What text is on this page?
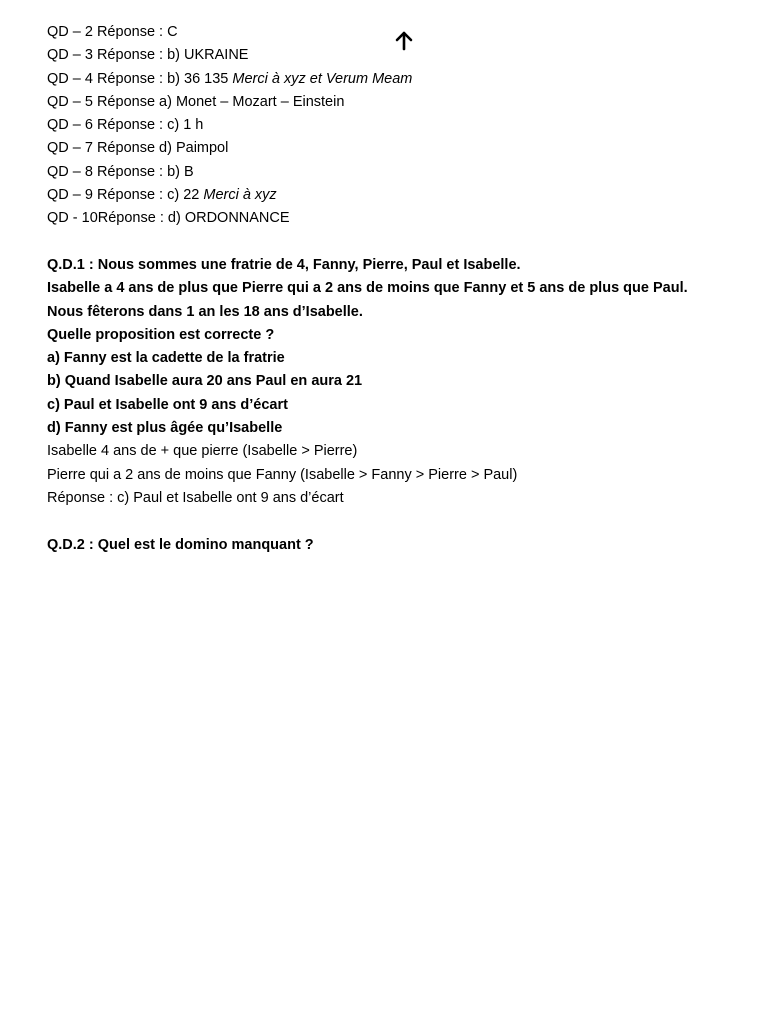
QD – 2 Réponse : C
QD – 3 Réponse : b) UKRAINE
QD – 4 Réponse : b) 36 135 Merci à xyz et Verum Meam
QD – 5 Réponse a) Monet – Mozart – Einstein
QD – 6 Réponse : c) 1 h
QD – 7 Réponse d) Paimpol
QD – 8 Réponse : b) B
QD – 9 Réponse : c) 22 Merci à xyz
QD - 10Réponse : d) ORDONNANCE
Q.D.1 : Nous sommes une fratrie de 4, Fanny, Pierre, Paul et Isabelle.
Isabelle a 4 ans de plus que Pierre qui a 2 ans de moins que Fanny et 5 ans de plus que Paul.
Nous fêterons dans 1 an les 18 ans d’Isabelle.
Quelle proposition est correcte ?
a) Fanny est la cadette de la fratrie
b) Quand Isabelle aura 20 ans Paul en aura 21
c) Paul et Isabelle ont 9 ans d’écart
d) Fanny est plus âgée qu’Isabelle
Isabelle 4 ans de + que pierre (Isabelle > Pierre)
Pierre qui a 2 ans de moins que Fanny (Isabelle > Fanny > Pierre > Paul)
Réponse : c) Paul et Isabelle ont 9 ans d’écart
Q.D.2 : Quel est le domino manquant ?
